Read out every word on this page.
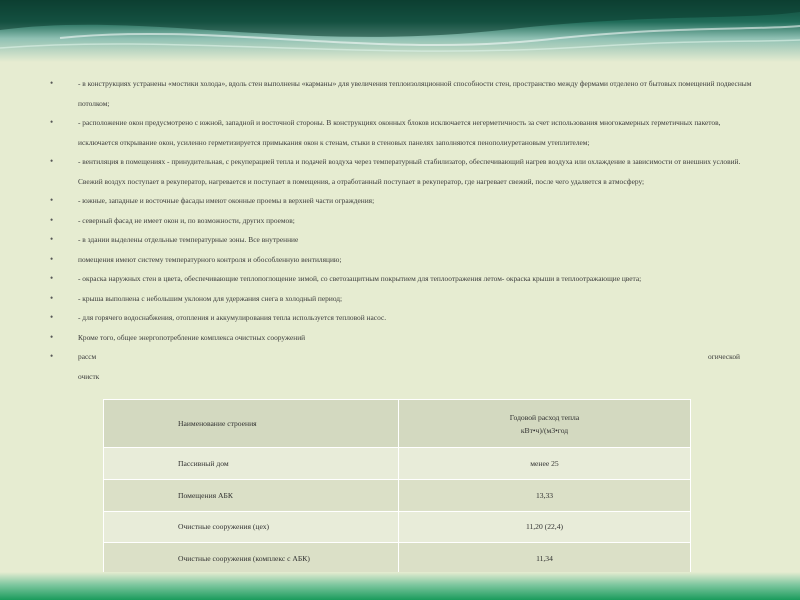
•	- в конструкциях устранены «мостики холода», вдоль стен выполнены «карманы» для увеличения теплоизоляционной способности стен, пространство между фермами отделено от бытовых помещений подвесным потолком;
•	- расположение окон предусмотрено с южной, западной и восточной стороны. В конструкциях оконных блоков исключается негерметичность за счет использования многокамерных герметичных пакетов, исключается открывание окон, усиленно герметизируется примыкания окон к стенам, стыки в стеновых панелях заполняются пенополиуретановым утеплителем;
•	- вентиляция в помещениях - принудительная, с рекуперацией тепла и подачей воздуха через температурный стабилизатор, обеспечивающий нагрев воздуха или охлаждение в зависимости от внешних условий. Свежий воздух поступает в рекуператор, нагревается и поступает в помещения, а отработанный поступает в рекуператор, где нагревает свежий, после чего удаляется в атмосферу;
•	- южные, западные и восточные фасады имеют оконные проемы в верхней части ограждения;
•	- северный фасад не имеет окон и, по возможности, других проемов;
•	- в здании выделены отдельные температурные зоны. Все внутренние
•	помещения имеют систему температурного контроля и обособленную вентиляцию;
•	- окраска наружных стен в цвета, обеспечивающие теплопоглощение зимой, со светозащитным покрытием для теплоотражения летом- окраска крыши в теплоотражающие цвета;
•	- крыша выполнена с небольшим уклоном для удержания снега в холодный период;
•	- для горячего водоснабжения, отопления и аккумулирования тепла используется тепловой насос.
•	Кроме того, общее энергопотребление комплекса очистных сооружений
•	рассм	огической
очистк
Наименование строения	Годовой расход тепла
кВт•ч)/(м3•год
Пассивный дом	менее 25
Помещения АБК	13,33
Очистные сооружения (цех)	11,20 (22,4)
Очистные сооружения (комплекс с АБК)	11,34
